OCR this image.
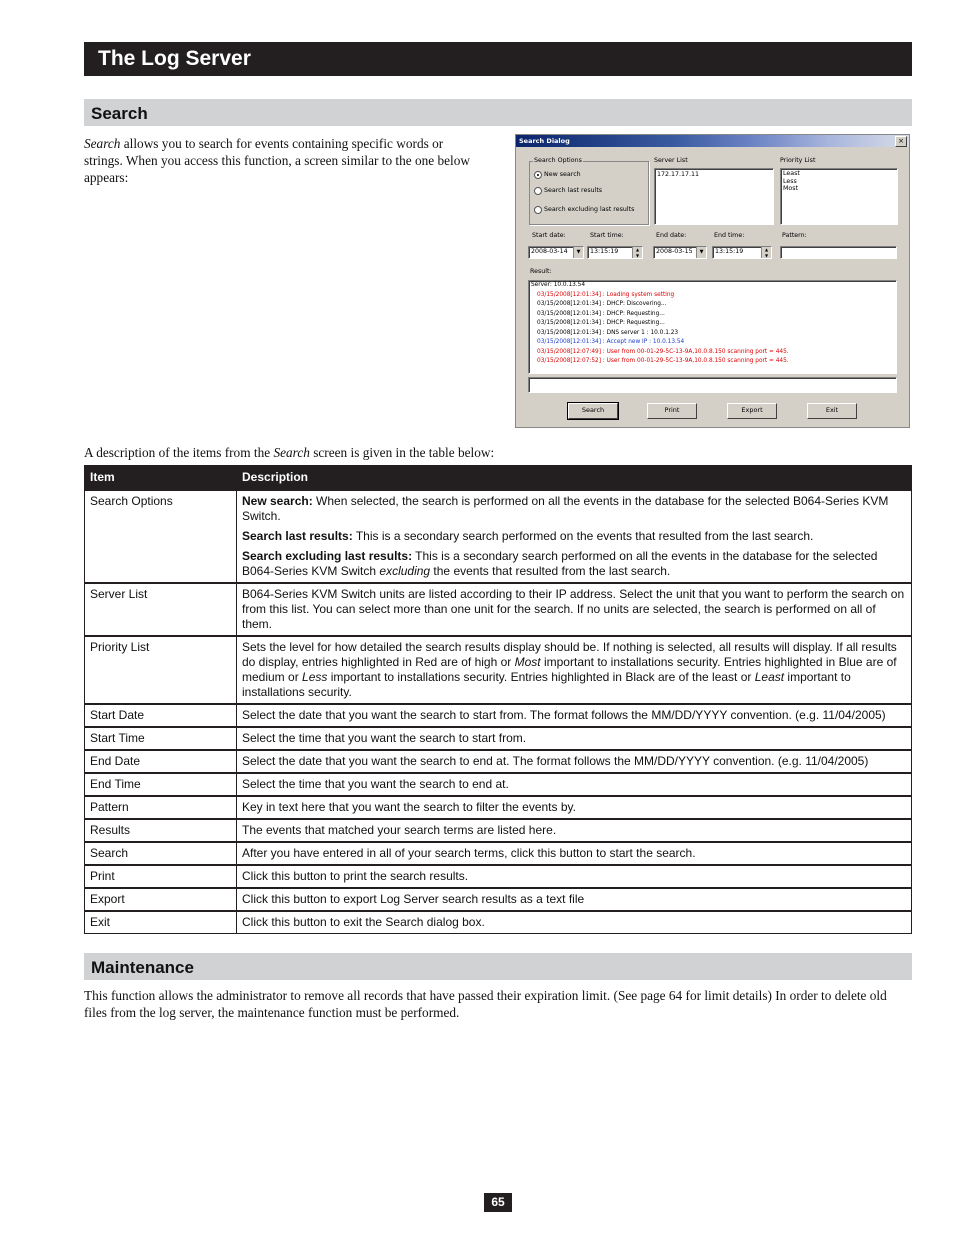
The Log Server
Search
Search allows you to search for events containing specific words or strings. When you access this function, a screen similar to the one below appears:
Search Dialog	×
Search Options
New search
Search last results
Search excluding last results
Server List
172.17.17.11
Priority List
Least
Less
Most
Start date:	Start time:	End date:	End time:	Pattern:
2008-03-14	▼	13:15:19	▲
▼	2008-03-15	▼	13:15:19	▲
▼
Result:
Server: 10.0.13.54
03/15/2008[12:01:34] : Loading system setting
03/15/2008[12:01:34] : DHCP: Discovering...
03/15/2008[12:01:34] : DHCP: Requesting...
03/15/2008[12:01:34] : DHCP: Requesting...
03/15/2008[12:01:34] : DNS server 1 : 10.0.1.23
03/15/2008[12:01:34] : Accept new IP : 10.0.13.54
03/15/2008[12:07:49] : User from 00-01-29-5C-13-9A,10.0.8.150 scanning port = 445.
03/15/2008[12:07:52] : User from 00-01-29-5C-13-9A,10.0.8.150 scanning port = 445.
Search	Print	Export	Exit
A description of the items from the Search screen is given in the table below:
Item	Description
Search Options	New search: When selected, the search is performed on all the events in the database for the selected B064-Series KVM Switch.

Search last results: This is a secondary search performed on the events that resulted from the last search.

Search excluding last results: This is a secondary search performed on all the events in the database for the selected B064-Series KVM Switch excluding the events that resulted from the last search.

Server List	B064-Series KVM Switch units are listed according to their IP address. Select the unit that you want to perform the search on from this list. You can select more than one unit for the search. If no units are selected, the search is performed on all of them.
Priority List	Sets the level for how detailed the search results display should be. If nothing is selected, all results will display. If all results do display, entries highlighted in Red are of high or Most important to installations security. Entries highlighted in Blue are of medium or Less important to installations security. Entries highlighted in Black are of the least or Least important to installations security.
Start Date	Select the date that you want the search to start from. The format follows the MM/DD/YYYY convention. (e.g. 11/04/2005)
Start Time	Select the time that you want the search to start from.
End Date	Select the date that you want the search to end at. The format follows the MM/DD/YYYY convention. (e.g. 11/04/2005)
End Time	Select the time that you want the search to end at.
Pattern	Key in text here that you want the search to filter the events by.
Results	The events that matched your search terms are listed here.
Search	After you have entered in all of your search terms, click this button to start the search.
Print	Click this button to print the search results.
Export	Click this button to export Log Server search results as a text file
Exit	Click this button to exit the Search dialog box.
Maintenance
This function allows the administrator to remove all records that have passed their expiration limit. (See page 64 for limit details) In order to delete old files from the log server, the maintenance function must be performed.
65
